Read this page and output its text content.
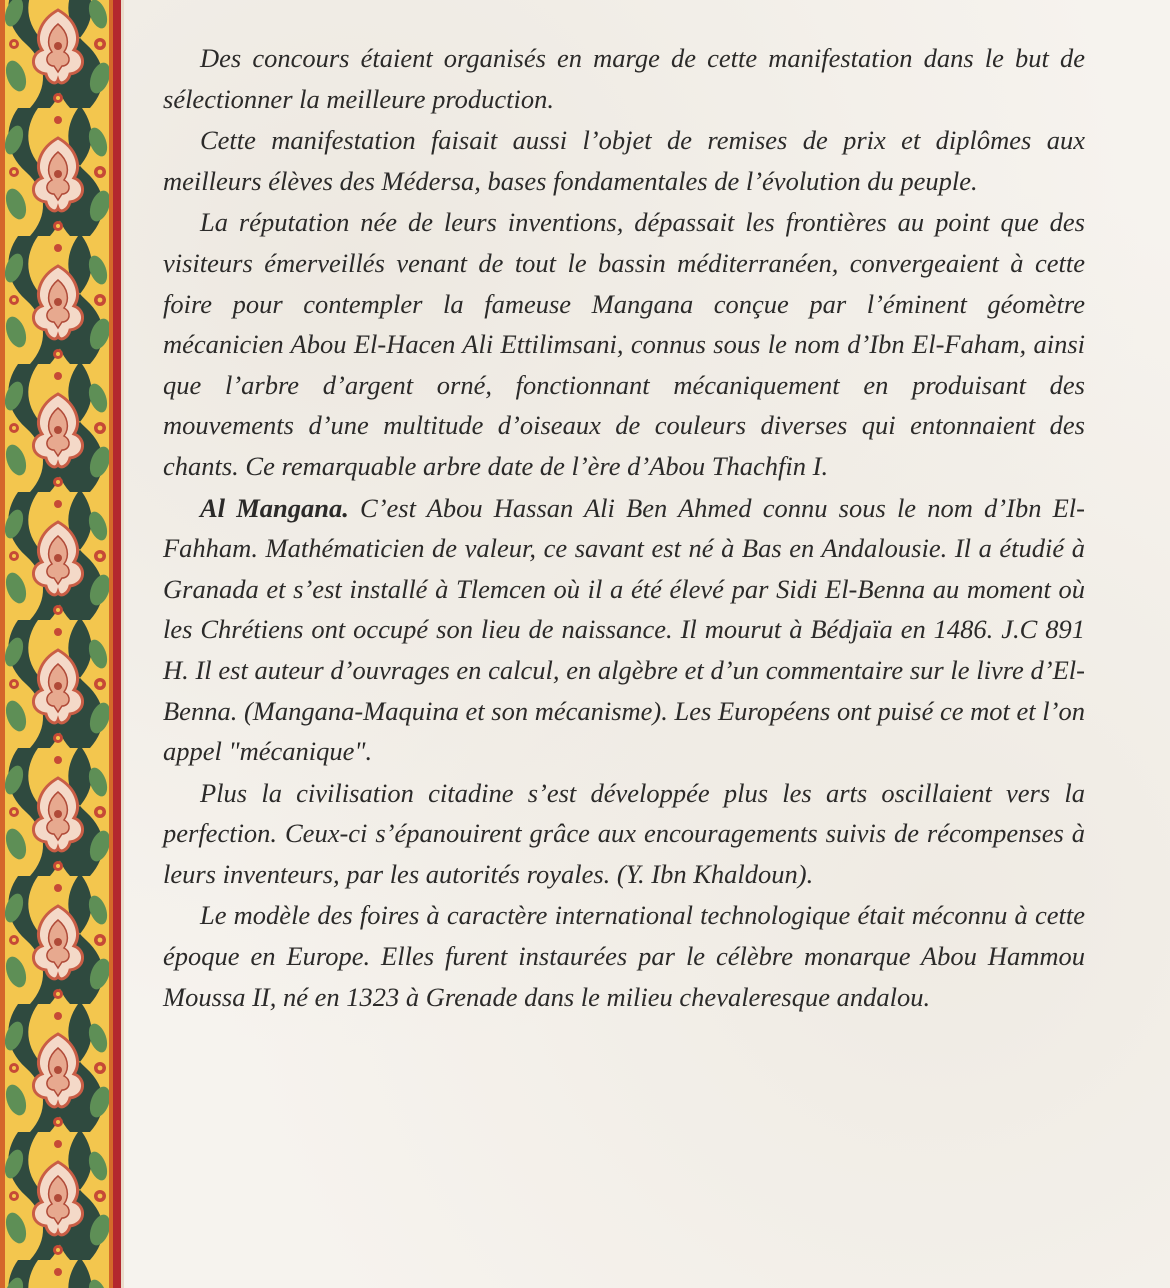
Des concours étaient organisés en marge de cette manifestation dans le but de sélectionner la meilleure production.

Cette manifestation faisait aussi l’objet de remises de prix et diplômes aux meilleurs élèves des Médersa, bases fondamentales de l’évolution du peuple.

La réputation née de leurs inventions, dépassait les frontières au point que des visiteurs émerveillés venant de tout le bassin méditerranéen, convergeaient à cette foire pour contempler la fameuse Mangana conçue par l’éminent géomètre mécanicien Abou El-Hacen Ali Ettilimsani, connus sous le nom d’Ibn El-Faham, ainsi que l’arbre d’argent orné, fonctionnant mécaniquement en produisant des mouvements d’une multitude d’oiseaux de couleurs diverses qui entonnaient des chants. Ce remarquable arbre date de l’ère d’Abou Thachfin I.

Al Mangana. C’est Abou Hassan Ali Ben Ahmed connu sous le nom d’Ibn El-Fahham. Mathématicien de valeur, ce savant est né à Bas en Andalousie. Il a étudié à Granada et s’est installé à Tlemcen où il a été élevé par Sidi El-Benna au moment où les Chrétiens ont occupé son lieu de naissance. Il mourut à Bédjaïa en 1486. J.C 891 H. Il est auteur d’ouvrages en calcul, en algèbre et d’un commentaire sur le livre d’El-Benna. (Mangana-Maquina et son mécanisme). Les Européens ont puisé ce mot et l’on appel "mécanique".

Plus la civilisation citadine s’est développée plus les arts oscillaient vers la perfection. Ceux-ci s’épanouirent grâce aux encouragements suivis de récompenses à leurs inventeurs, par les autorités royales. (Y. Ibn Khaldoun).

Le modèle des foires à caractère international technologique était méconnu à cette époque en Europe. Elles furent instaurées par le célèbre monarque Abou Hammou Moussa II, né en 1323 à Grenade dans le milieu chevaleresque andalou.
